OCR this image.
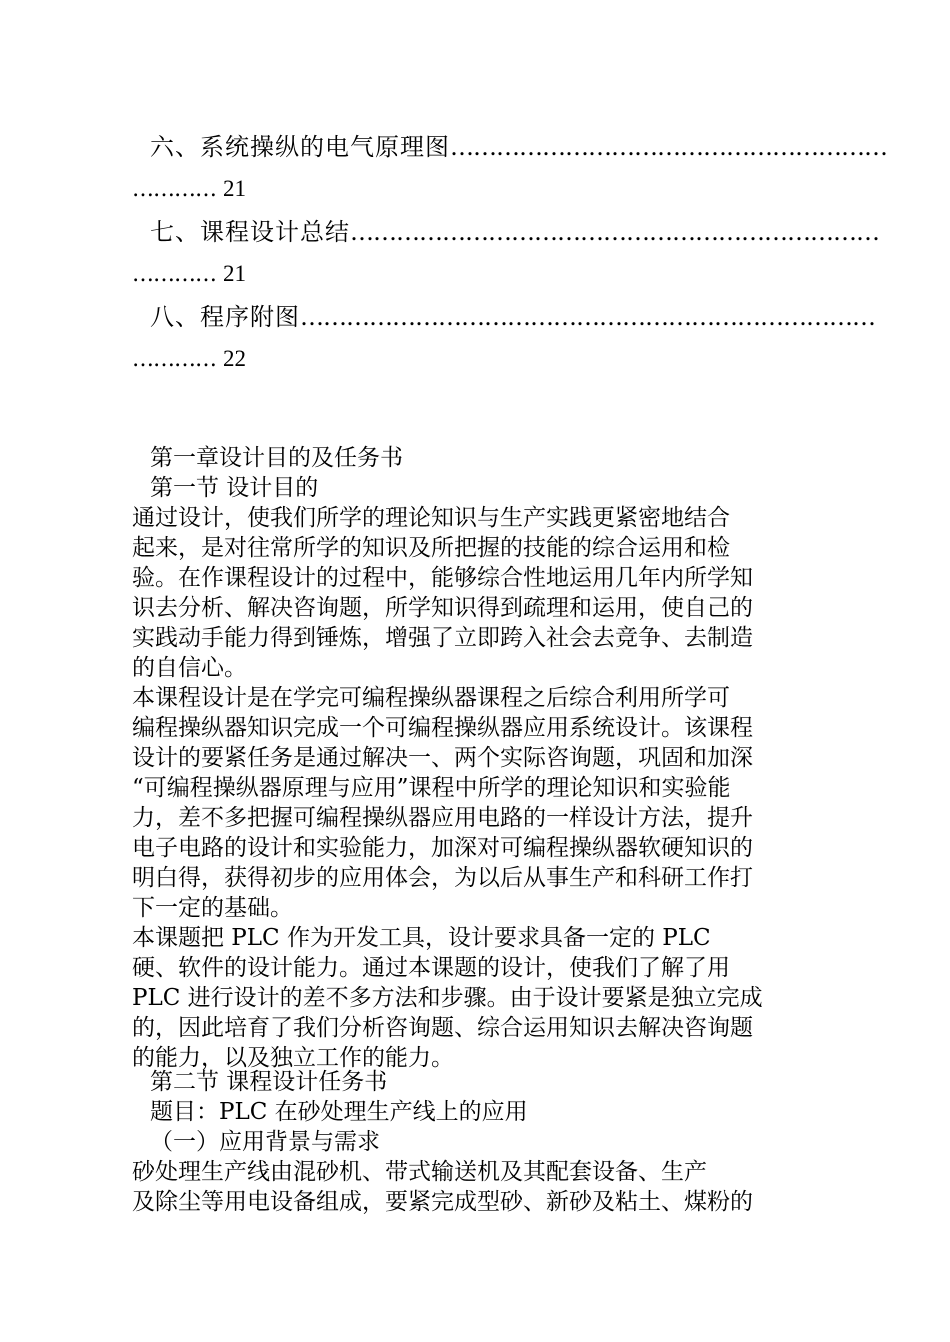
六、系统操纵的电气原理图…………………………………………………
………… 21
七、课程设计总结……………………………………………………………
………… 21
八、程序附图…………………………………………………………………
………… 22
第一章设计目的及任务书
第一节 设计目的
通过设计，使我们所学的理论知识与生产实践更紧密地结合
起来，是对往常所学的知识及所把握的技能的综合运用和检
验。在作课程设计的过程中，能够综合性地运用几年内所学知
识去分析、解决咨询题，所学知识得到疏理和运用，使自己的
实践动手能力得到锤炼，增强了立即跨入社会去竞争、去制造
的自信心。
本课程设计是在学完可编程操纵器课程之后综合利用所学可
编程操纵器知识完成一个可编程操纵器应用系统设计。该课程
设计的要紧任务是通过解决一、两个实际咨询题，巩固和加深
“可编程操纵器原理与应用”课程中所学的理论知识和实验能
力，差不多把握可编程操纵器应用电路的一样设计方法，提升
电子电路的设计和实验能力，加深对可编程操纵器软硬知识的
明白得，获得初步的应用体会，为以后从事生产和科研工作打
下一定的基础。
本课题把 PLC 作为开发工具，设计要求具备一定的 PLC
硬、软件的设计能力。通过本课题的设计，使我们了解了用
PLC 进行设计的差不多方法和步骤。由于设计要紧是独立完成
的，因此培育了我们分析咨询题、综合运用知识去解决咨询题
的能力，以及独立工作的能力。
第二节 课程设计任务书
题目：PLC 在砂处理生产线上的应用
（一）应用背景与需求
砂处理生产线由混砂机、带式输送机及其配套设备、生产
及除尘等用电设备组成，要紧完成型砂、新砂及粘土、煤粉的
